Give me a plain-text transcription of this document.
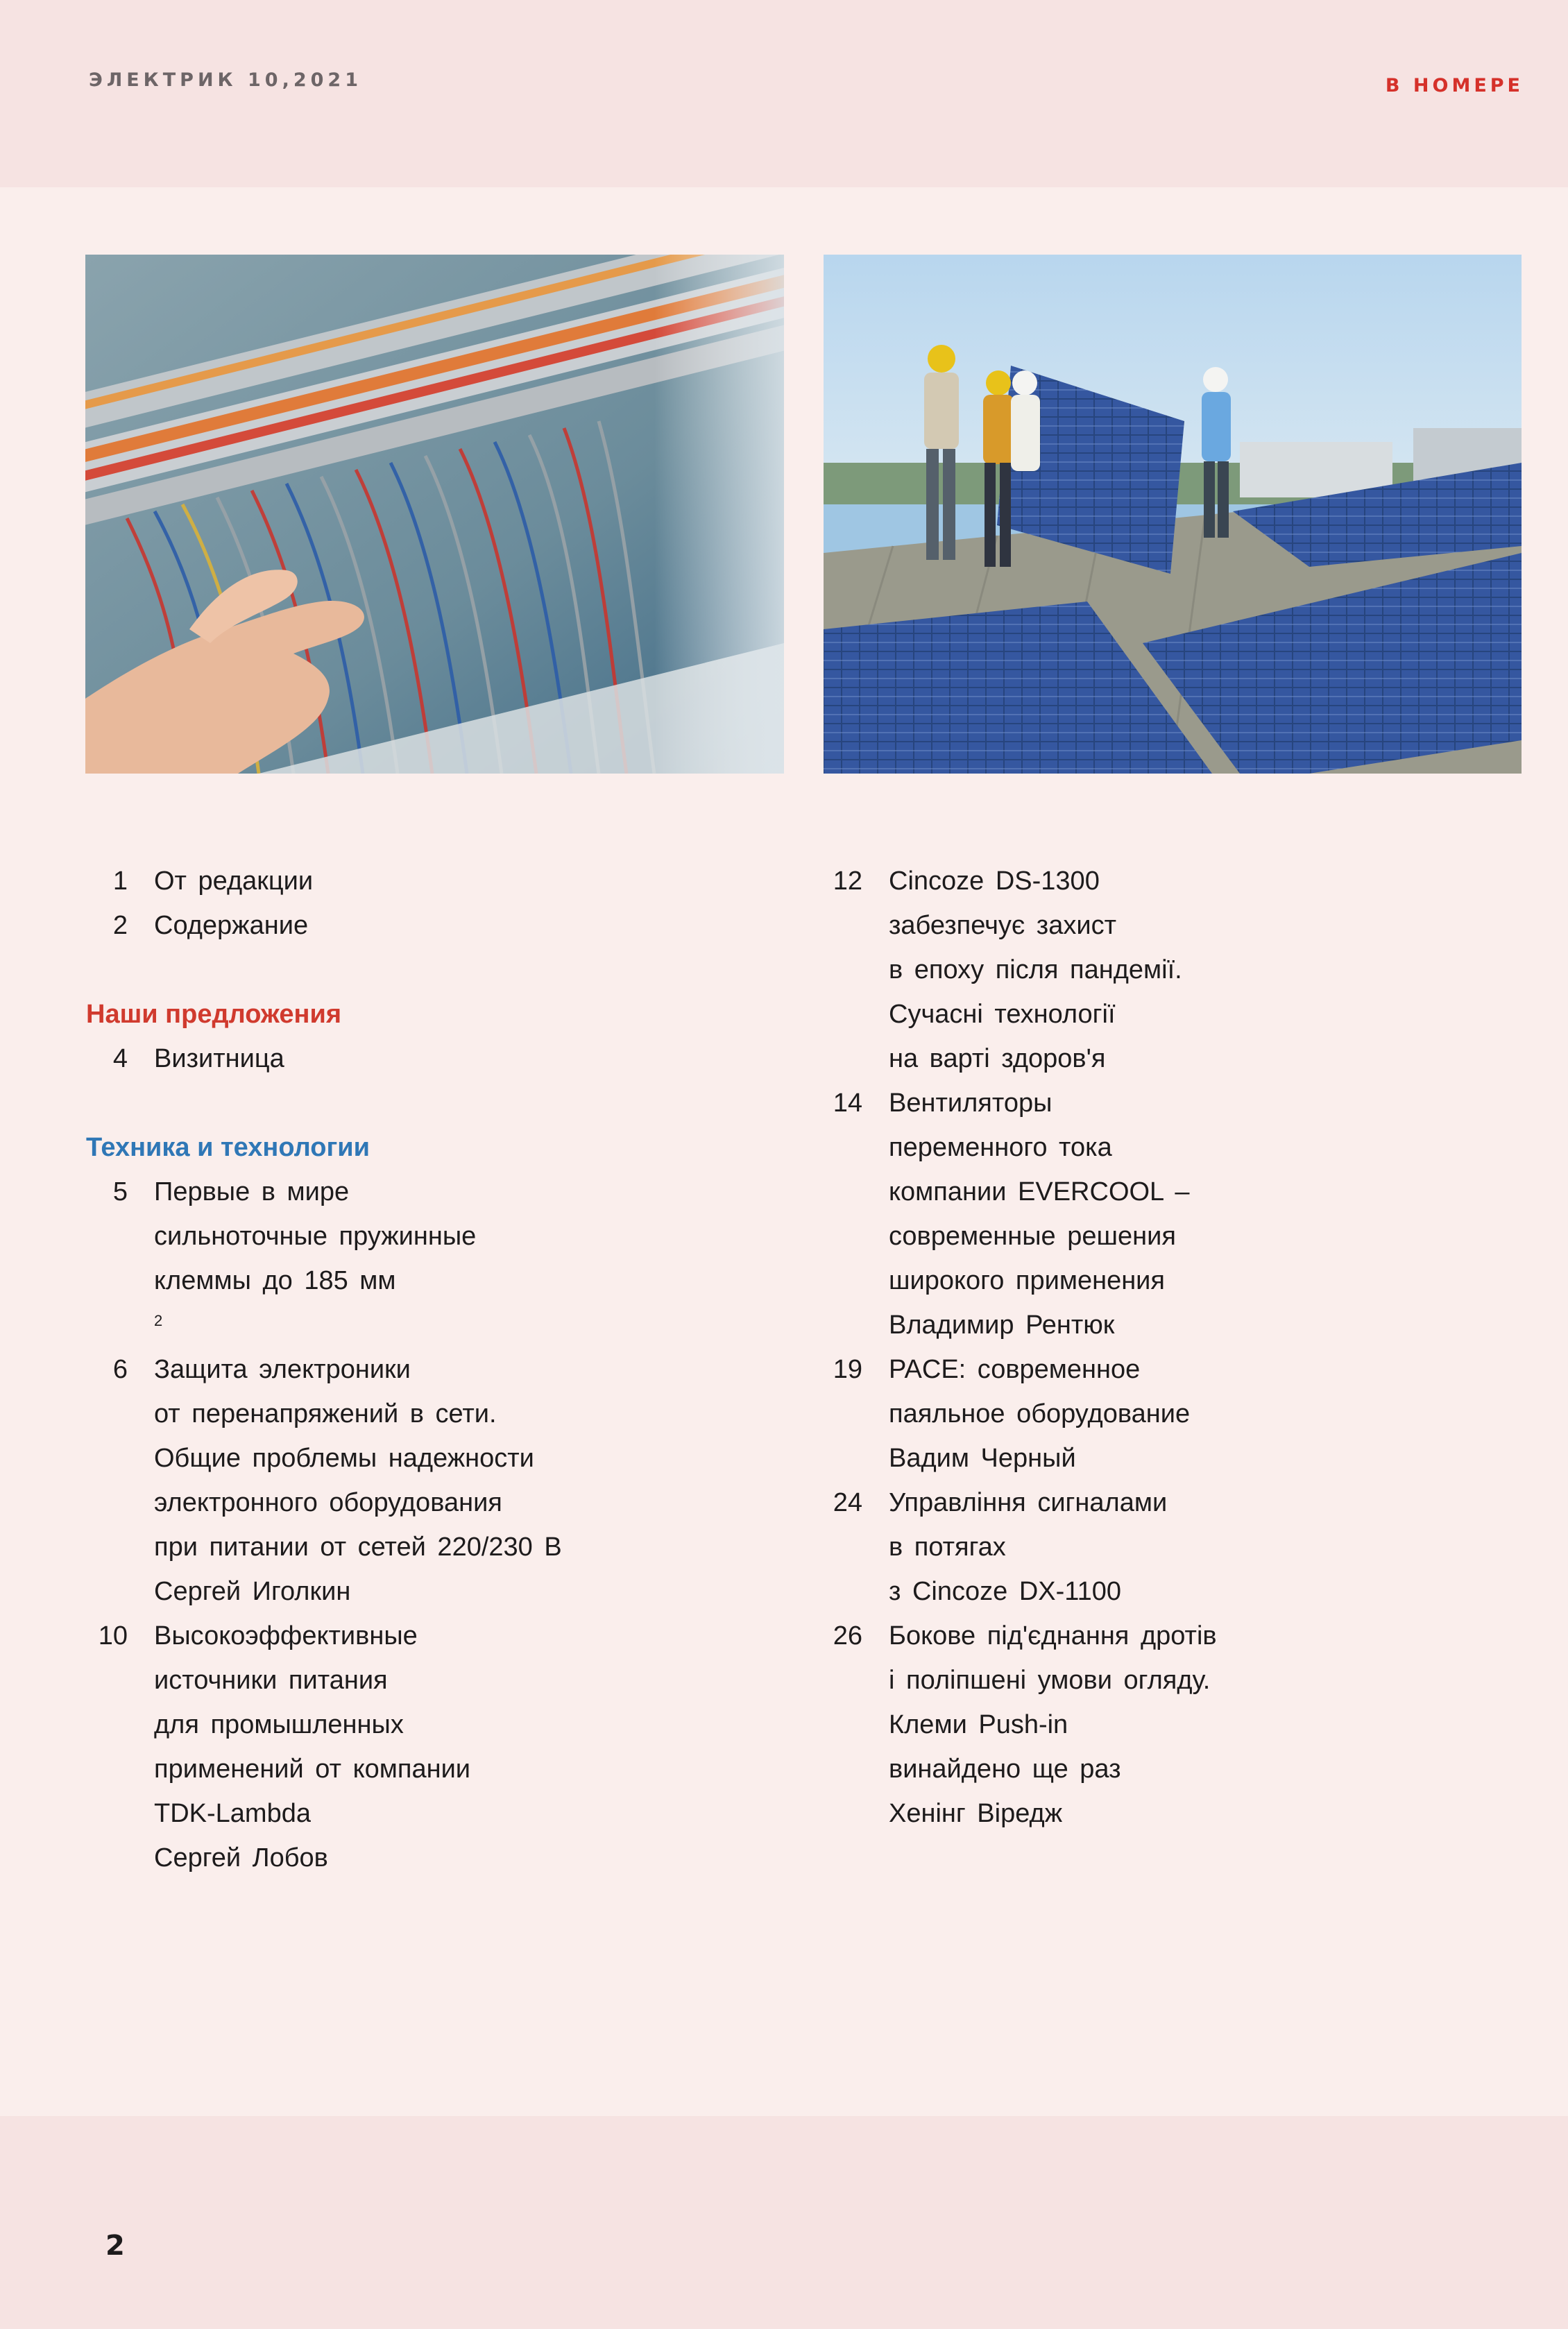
ЭЛЕКТРИК 10,2021	В НОМЕРЕ
1 От редакции
2 Содержание
Наши предложения
4 Визитница
Техника и технологии
5 Первые в мире
сильноточные пружинные
клеммы до 185 мм
2
6 Защита электроники
от перенапряжений в сети.
Общие проблемы надежности
электронного оборудования
при питании от сетей 220/230 В
Сергей Иголкин
10 Высокоэффективные
источники питания
для промышленных
применений от компании
TDK-Lambda
Сергей Лобов
12 Cincoze DS-1300
забезпечує захист
в епоху після пандемії.
Сучасні технології
на варті здоров'я
14 Вентиляторы
переменного тока
компании EVERCOOL –
современные решения
широкого применения
Владимир Рентюк
19 PACE: современное
паяльное оборудование
Вадим Черный
24 Управління сигналами
в потягах
з Cincoze DX-1100
26 Бокове під'єднання дротів
і поліпшені умови огляду.
Клеми Push-in
винайдено ще раз
Хенінг Віредж
2
